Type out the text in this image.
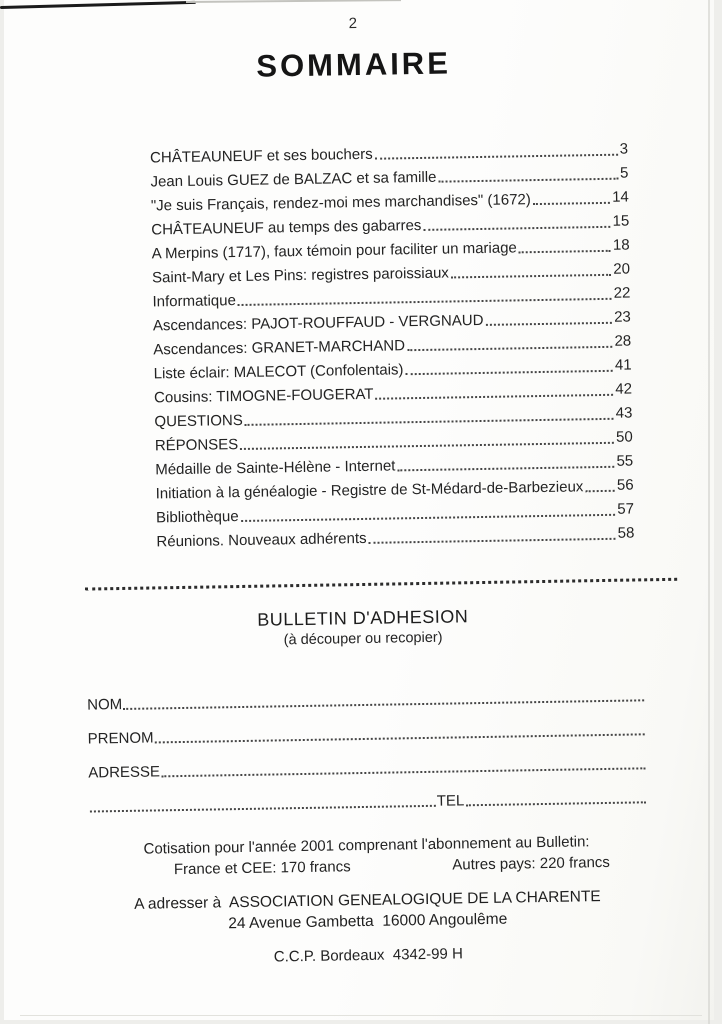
2
SOMMAIRE
CHÂTEAUNEUF et ses bouchers	3
Jean Louis GUEZ de BALZAC et sa famille	5
"Je suis Français, rendez-moi mes marchandises" (1672)	14
CHÂTEAUNEUF au temps des gabarres	15
A Merpins (1717), faux témoin pour faciliter un mariage	18
Saint-Mary et Les Pins: registres paroissiaux	20
Informatique	22
Ascendances: PAJOT-ROUFFAUD - VERGNAUD	23
Ascendances: GRANET-MARCHAND	28
Liste éclair: MALECOT (Confolentais)	41
Cousins: TIMOGNE-FOUGERAT	42
QUESTIONS	43
RÉPONSES	50
Médaille de Sainte-Hélène - Internet	55
Initiation à la généalogie - Registre de St-Médard-de-Barbezieux 56
Bibliothèque	57
Réunions. Nouveaux adhérents	58
BULLETIN D'ADHESION
(à découper ou recopier)
NOM
PRENOM
ADRESSE
TEL
Cotisation pour l'année 2001 comprenant l'abonnement au Bulletin:
France et CEE: 170 francs	Autres pays: 220 francs
A adresser à  ASSOCIATION GENEALOGIQUE DE LA CHARENTE
24 Avenue Gambetta  16000 Angoulême
C.C.P. Bordeaux  4342-99 H
